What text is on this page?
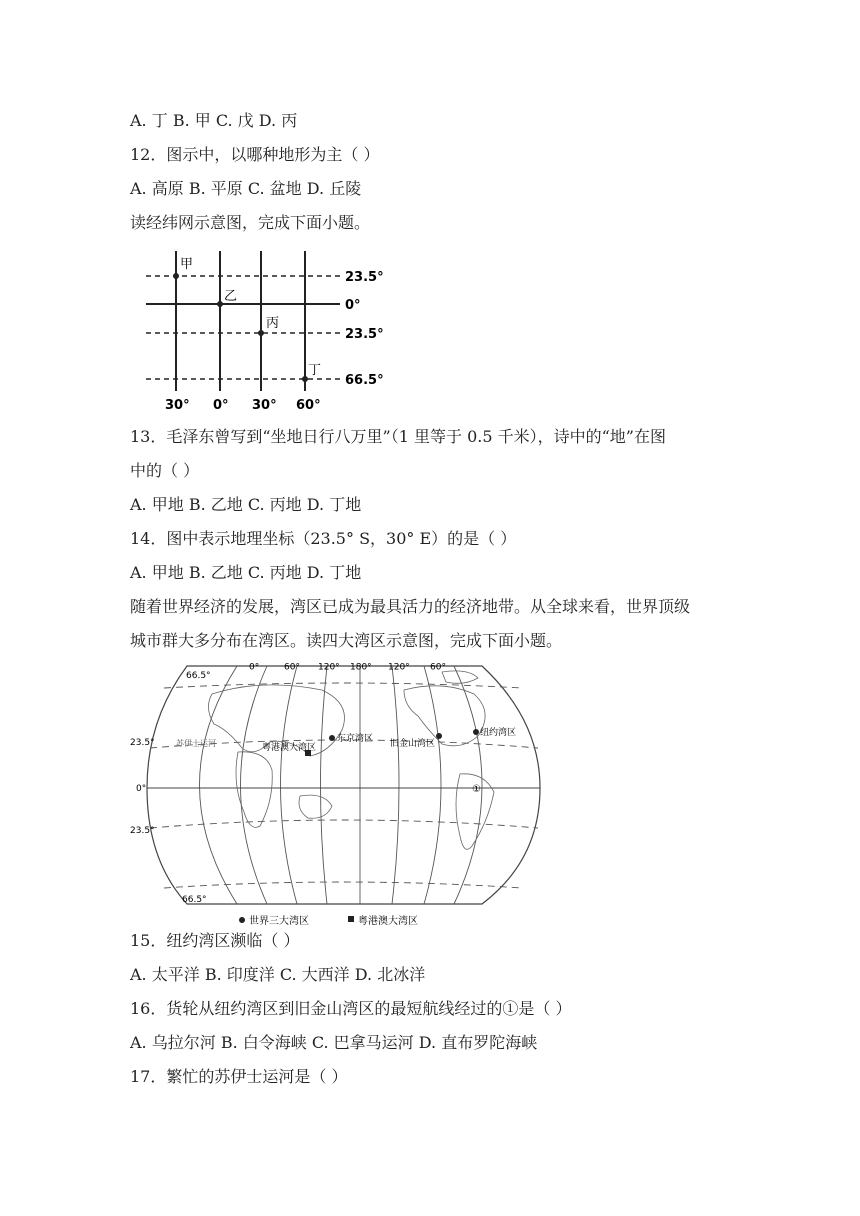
A. 丁 B. 甲 C. 戊 D. 丙
12．图示中，以哪种地形为主（ ）
A. 高原 B. 平原 C. 盆地 D. 丘陵
读经纬网示意图，完成下面小题。
23.5°
0°
23.5°
66.5°
30° 0° 30° 60°
甲
乙
丙
丁
13．毛泽东曾写到“坐地日行八万里”（1 里等于 0.5 千米），诗中的“地”在图
中的（ ）
A. 甲地 B. 乙地 C. 丙地 D. 丁地
14．图中表示地理坐标（23.5° S，30° E）的是（ ）
A. 甲地 B. 乙地 C. 丙地 D. 丁地
随着世界经济的发展，湾区已成为最具活力的经济地带。从全球来看，世界顶级
城市群大多分布在湾区。读四大湾区示意图，完成下面小题。
0°	60° 120° 180° 120° 60°
66.5°
23.5°
0°
23.5°
66.5°
苏伊士运河	粤港澳大湾区
东京湾区 旧金山湾区
纽约湾区
①
世界三大湾区	粤港澳大湾区
15．纽约湾区濒临（ ）
A. 太平洋 B. 印度洋 C. 大西洋 D. 北冰洋
16．货轮从纽约湾区到旧金山湾区的最短航线经过的①是（ ）
A. 乌拉尔河 B. 白令海峡 C. 巴拿马运河 D. 直布罗陀海峡
17．繁忙的苏伊士运河是（ ）
